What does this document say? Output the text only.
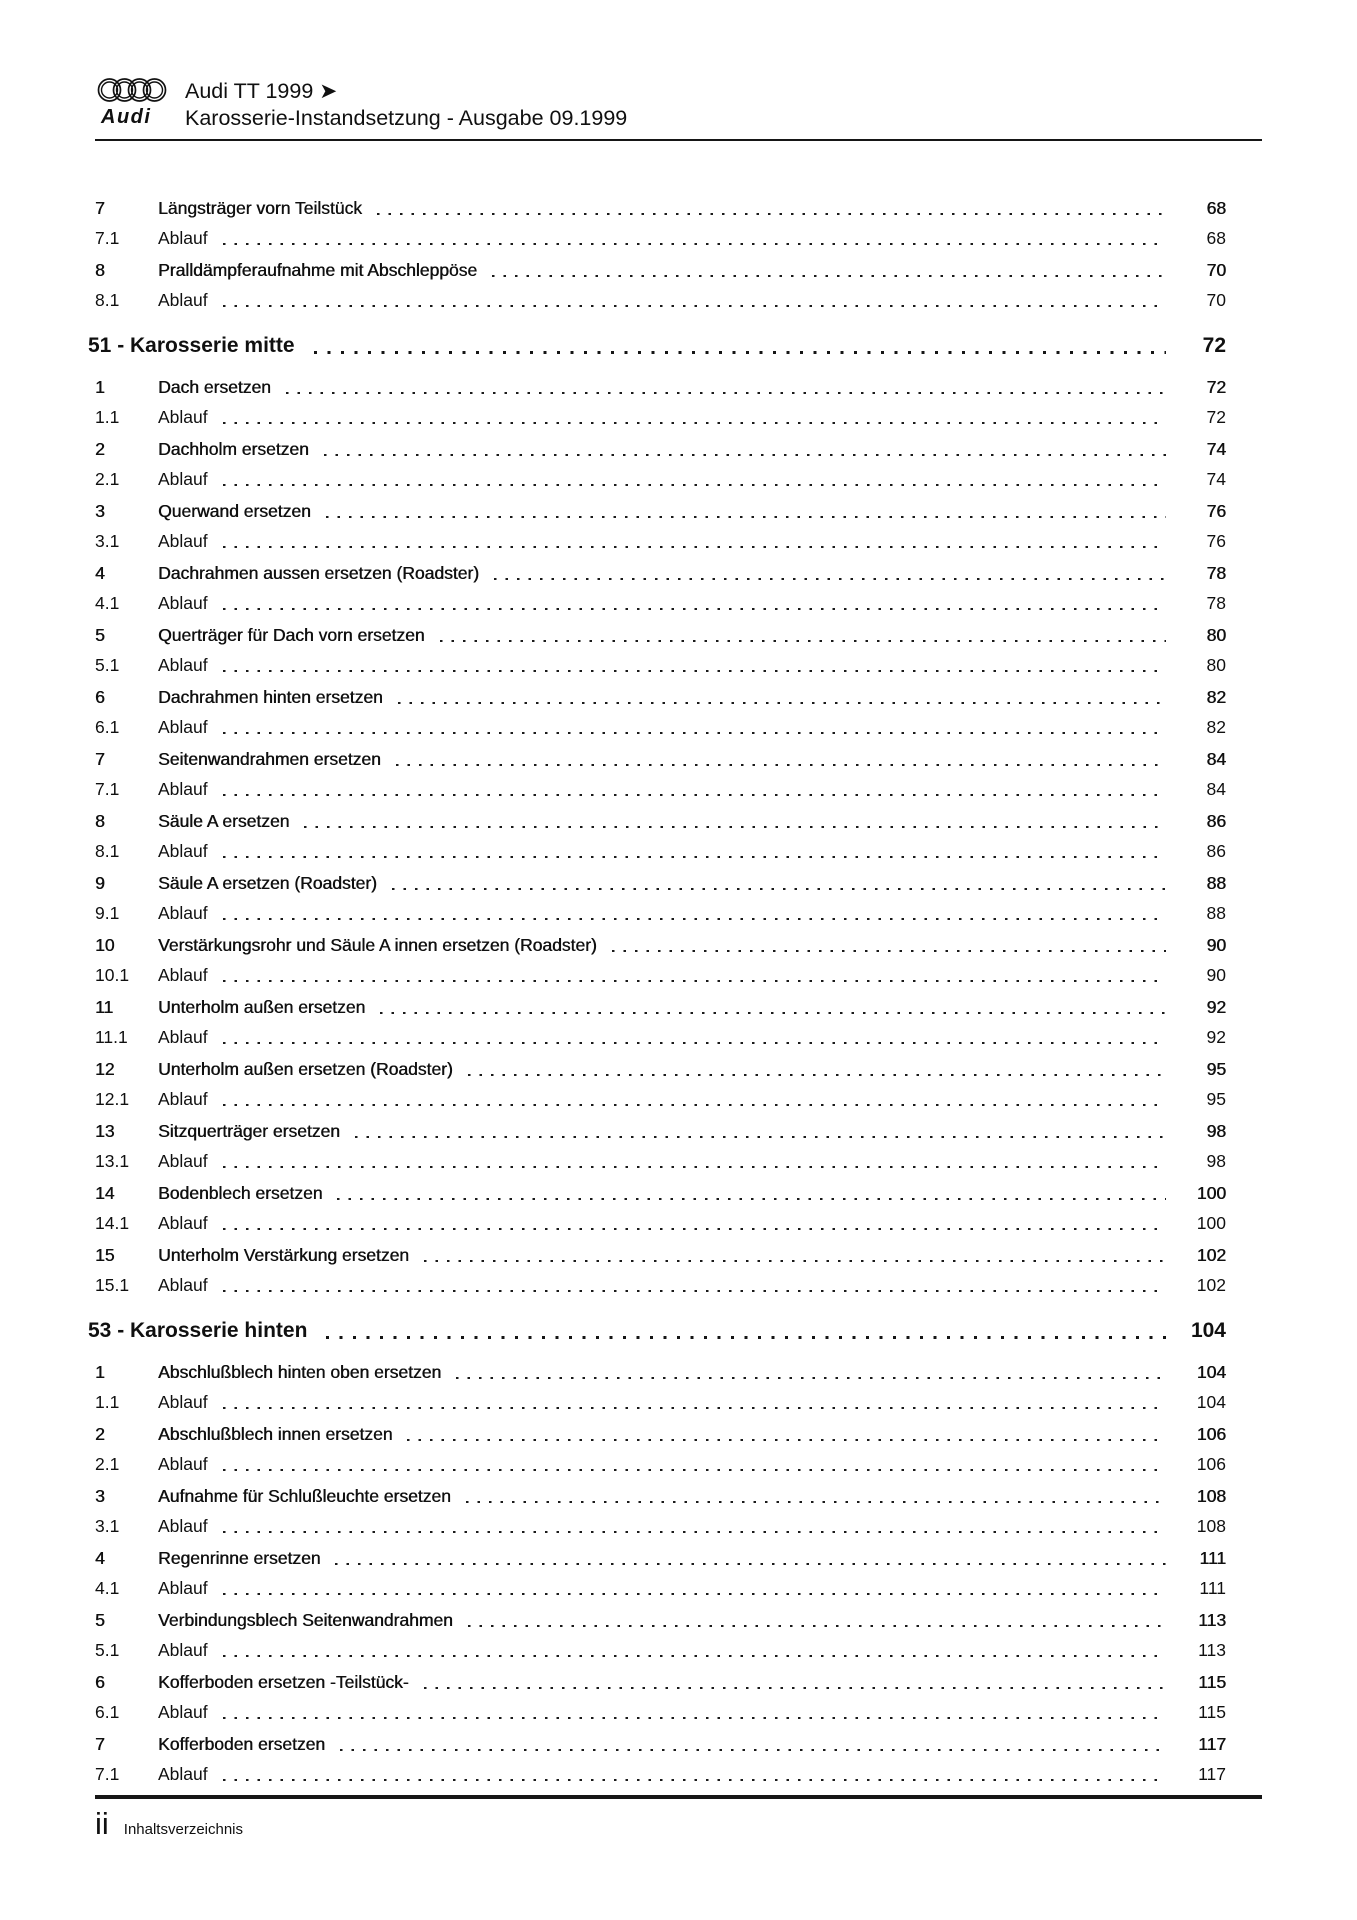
Audi
Audi TT 1999 ➤
Karosserie-Instandsetzung - Ausgabe 09.1999
7	Längsträger vorn Teilstück	68
7.1	Ablauf	68
8	Pralldämpferaufnahme mit Abschleppöse	70
8.1	Ablauf	70
51 - Karosserie mitte	72
1	Dach ersetzen	72
1.1	Ablauf	72
2	Dachholm ersetzen	74
2.1	Ablauf	74
3	Querwand ersetzen	76
3.1	Ablauf	76
4	Dachrahmen aussen ersetzen (Roadster)	78
4.1	Ablauf	78
5	Querträger für Dach vorn ersetzen	80
5.1	Ablauf	80
6	Dachrahmen hinten ersetzen	82
6.1	Ablauf	82
7	Seitenwandrahmen ersetzen	84
7.1	Ablauf	84
8	Säule A ersetzen	86
8.1	Ablauf	86
9	Säule A ersetzen (Roadster)	88
9.1	Ablauf	88
10	Verstärkungsrohr und Säule A innen ersetzen (Roadster)	90
10.1	Ablauf	90
11	Unterholm außen ersetzen	92
11.1	Ablauf	92
12	Unterholm außen ersetzen (Roadster)	95
12.1	Ablauf	95
13	Sitzquerträger ersetzen	98
13.1	Ablauf	98
14	Bodenblech ersetzen	100
14.1	Ablauf	100
15	Unterholm Verstärkung ersetzen	102
15.1	Ablauf	102
53 - Karosserie hinten	104
1	Abschlußblech hinten oben ersetzen	104
1.1	Ablauf	104
2	Abschlußblech innen ersetzen	106
2.1	Ablauf	106
3	Aufnahme für Schlußleuchte ersetzen	108
3.1	Ablauf	108
4	Regenrinne ersetzen	111
4.1	Ablauf	111
5	Verbindungsblech Seitenwandrahmen	113
5.1	Ablauf	113
6	Kofferboden ersetzen -Teilstück-	115
6.1	Ablauf	115
7	Kofferboden ersetzen	117
7.1	Ablauf	117
ii Inhaltsverzeichnis
